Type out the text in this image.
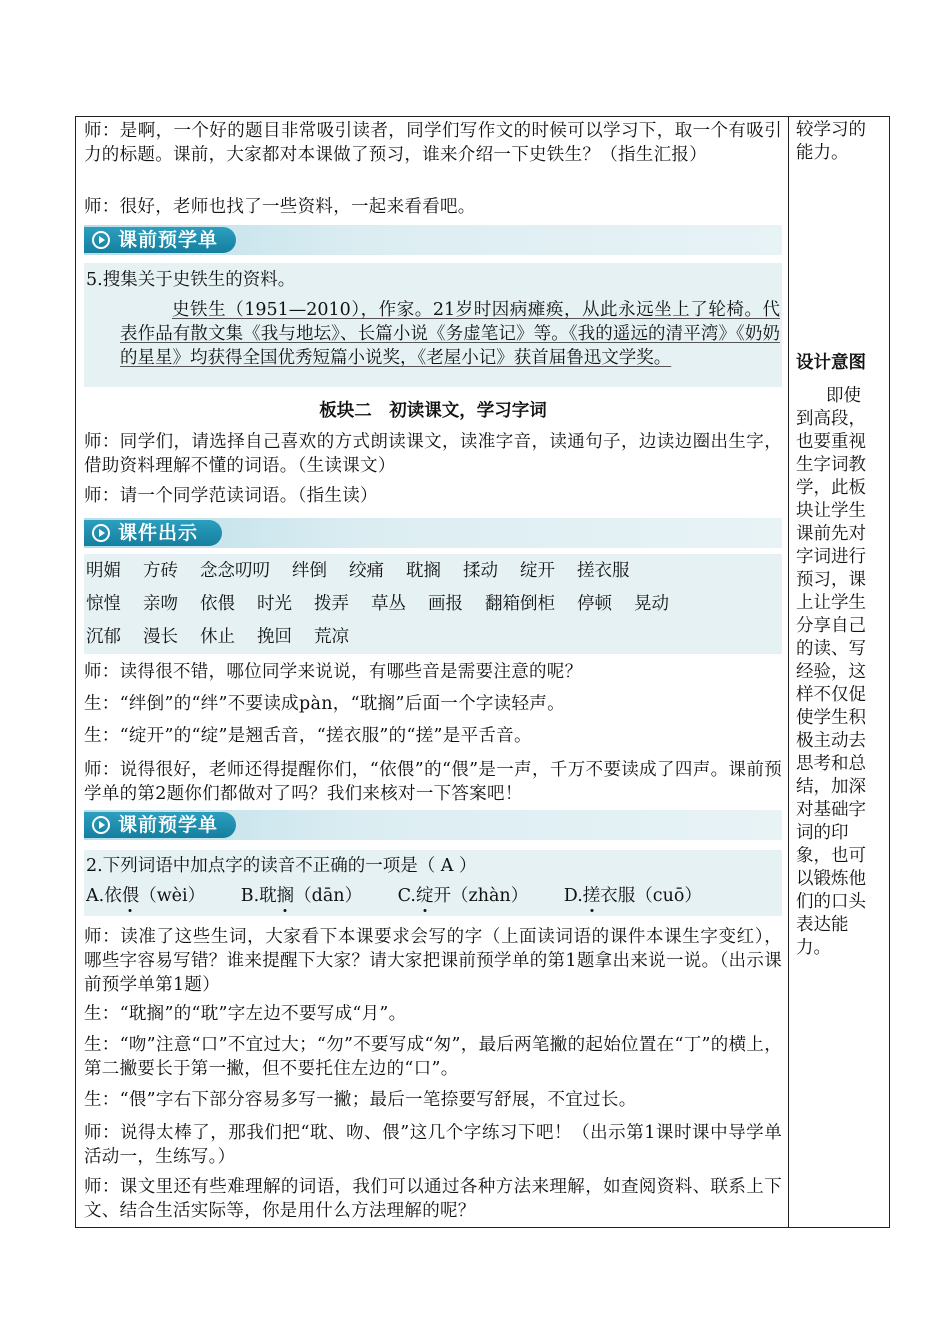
师：是啊，一个好的题目非常吸引读者，同学们写作文的时候可以学习下，取一个有吸引力的标题。课前，大家都对本课做了预习，谁来介绍一下史铁生？（指生汇报）

师：很好，老师也找了一些资料，一起来看看吧。

课前预学单

5.搜集关于史铁生的资料。

史铁生（1951—2010），作家。21岁时因病瘫痪，从此永远坐上了轮椅。代表作品有散文集《我与地坛》、长篇小说《务虚笔记》等。《我的遥远的清平湾》《奶奶的星星》均获得全国优秀短篇小说奖，《老屋小记》获首届鲁迅文学奖。

板块二　初读课文，学习字词

师：同学们，请选择自己喜欢的方式朗读课文，读准字音，读通句子，边读边圈出生字，借助资料理解不懂的词语。（生读课文）

师：请一个同学范读词语。（指生读）

课件出示
明媚 方砖 念念叨叨 绊倒 绞痛 耽搁 揉动 绽开 搓衣服
惊惶 亲吻 依偎 时光 拨弄 草丛 画报 翻箱倒柜 停顿 晃动
沉郁 漫长 休止 挽回 荒凉

师：读得很不错，哪位同学来说说，有哪些音是需要注意的呢？

生：“绊倒”的“绊”不要读成pàn，“耽搁”后面一个字读轻声。

生：“绽开”的“绽”是翘舌音，“搓衣服”的“搓”是平舌音。

师：说得很好，老师还得提醒你们，“依偎”的“偎”是一声，千万不要读成了四声。课前预学单的第2题你们都做对了吗？我们来核对一下答案吧！

课前预学单

2.下列词语中加点字的读音不正确的一项是（ A ）

A.依偎（wèi） B.耽搁（dān） C.绽开（zhàn） D.搓衣服（cuō）

师：读准了这些生词，大家看下本课要求会写的字（上面读词语的课件本课生字变红），哪些字容易写错？谁来提醒下大家？请大家把课前预学单的第1题拿出来说一说。（出示课前预学单第1题）

生：“耽搁”的“耽”字左边不要写成“月”。

生：“吻”注意“口”不宜过大；“勿”不要写成“匆”，最后两笔撇的起始位置在“丁”的横上，第二撇要长于第一撇，但不要托住左边的“口”。

生：“偎”字右下部分容易多写一撇；最后一笔捺要写舒展，不宜过长。

师：说得太棒了，那我们把“耽、吻、偎”这几个字练习下吧！（出示第1课时课中导学单活动一，生练写。）

师：课文里还有些难理解的词语，我们可以通过各种方法来理解，如查阅资料、联系上下文、结合生活实际等，你是用什么方法理解的呢？

较学习的能力。

设计意图

即使到高段，也要重视生字词教学，此板块让学生课前先对字词进行预习，课上让学生分享自己的读、写经验，这样不仅促使学生积极主动去思考和总结，加深对基础字词的印象，也可以锻炼他们的口头表达能力。
